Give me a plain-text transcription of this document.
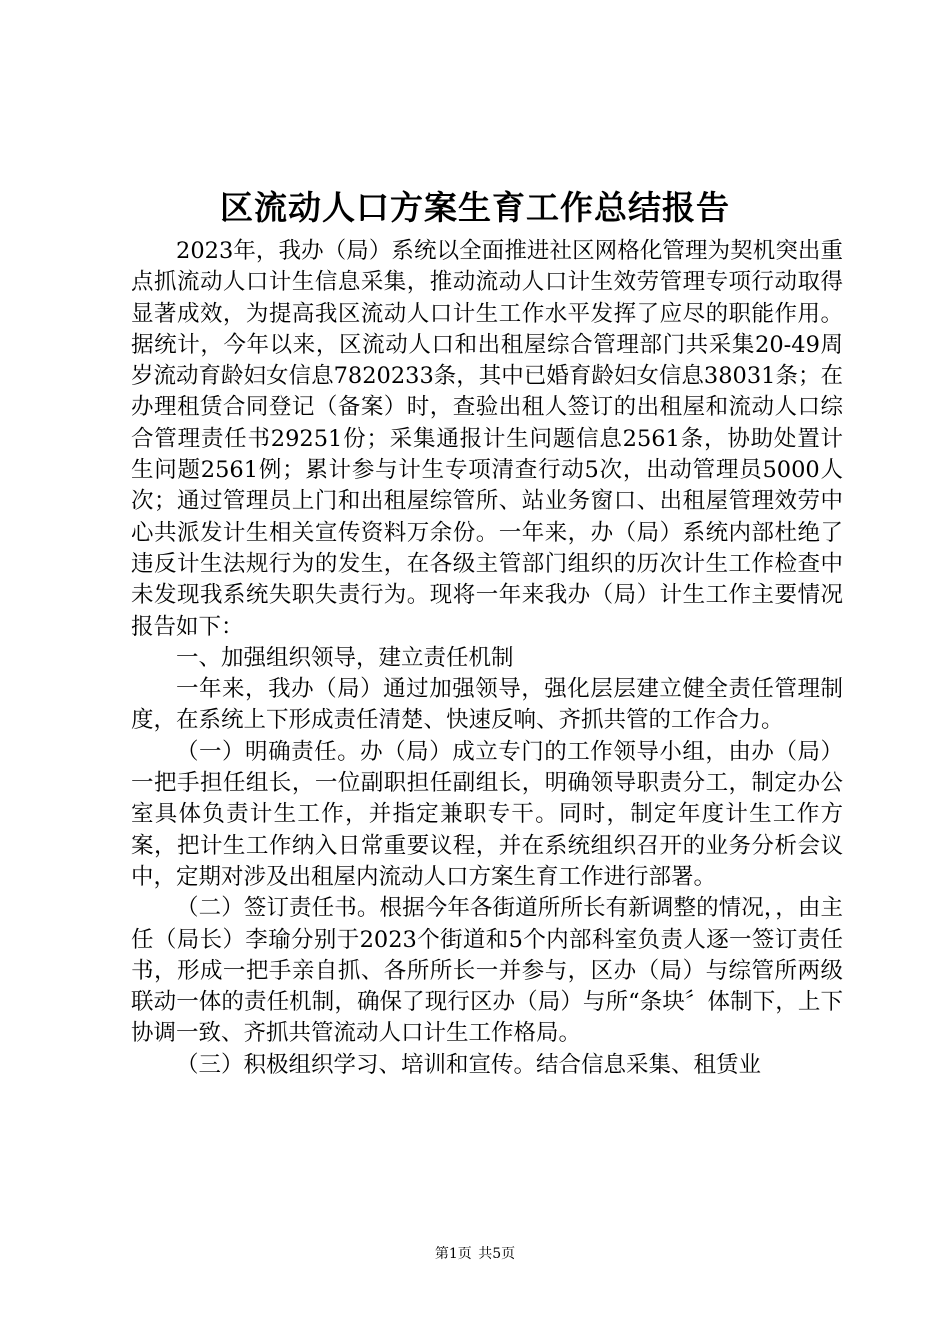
区流动人口方案生育工作总结报告

2023年，我办（局）系统以全面推进社区网格化管理为契机突出重点抓流动人口计生信息采集，推动流动人口计生效劳管理专项行动取得显著成效，为提高我区流动人口计生工作水平发挥了应尽的职能作用。据统计，今年以来，区流动人口和出租屋综合管理部门共采集20-49周岁流动育龄妇女信息7820233条，其中已婚育龄妇女信息38031条；在办理租赁合同登记（备案）时，查验出租人签订的出租屋和流动人口综合管理责任书29251份；采集通报计生问题信息2561条，协助处置计生问题2561例；累计参与计生专项清查行动5次，出动管理员5000人次；通过管理员上门和出租屋综管所、站业务窗口、出租屋管理效劳中心共派发计生相关宣传资料万余份。一年来，办（局）系统内部杜绝了违反计生法规行为的发生，在各级主管部门组织的历次计生工作检查中未发现我系统失职失责行为。现将一年来我办（局）计生工作主要情况报告如下：

一、加强组织领导，建立责任机制

一年来，我办（局）通过加强领导，强化层层建立健全责任管理制度，在系统上下形成责任清楚、快速反响、齐抓共管的工作合力。

（一）明确责任。办（局）成立专门的工作领导小组，由办（局）一把手担任组长，一位副职担任副组长，明确领导职责分工，制定办公室具体负责计生工作，并指定兼职专干。同时，制定年度计生工作方案，把计生工作纳入日常重要议程，并在系统组织召开的业务分析会议中，定期对涉及出租屋内流动人口方案生育工作进行部署。

（二）签订责任书。根据今年各街道所所长有新调整的情况，，由主任（局长）李瑜分别于2023个街道和5个内部科室负责人逐一签订责任书，形成一把手亲自抓、各所所长一并参与，区办（局）与综管所两级联动一体的责任机制，确保了现行区办（局）与所“条块〞体制下，上下协调一致、齐抓共管流动人口计生工作格局。

（三）积极组织学习、培训和宣传。结合信息采集、租赁业

第1页 共5页
